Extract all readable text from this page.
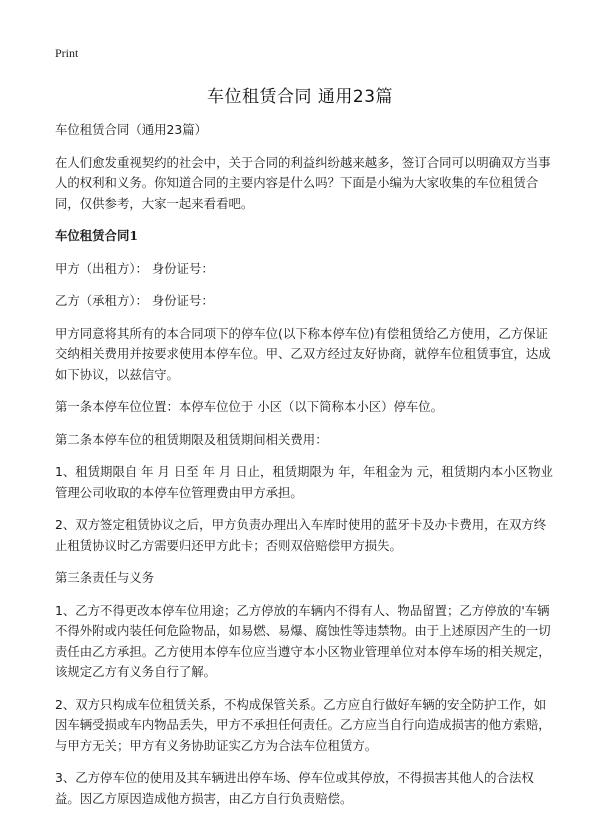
Print
车位租赁合同 通用23篇

车位租赁合同（通用23篇）

在人们愈发重视契约的社会中，关于合同的利益纠纷越来越多，签订合同可以明确双方当事人的权利和义务。你知道合同的主要内容是什么吗？下面是小编为大家收集的车位租赁合同，仅供参考，大家一起来看看吧。

车位租赁合同1

甲方（出租方）： 身份证号：

乙方（承租方）： 身份证号：

甲方同意将其所有的本合同项下的停车位(以下称本停车位)有偿租赁给乙方使用，乙方保证交纳相关费用并按要求使用本停车位。甲、乙双方经过友好协商，就停车位租赁事宜，达成如下协议，以兹信守。

第一条本停车位位置：本停车位位于 小区（以下简称本小区）停车位。

第二条本停车位的租赁期限及租赁期间相关费用：

1、租赁期限自 年 月 日至 年 月 日止，租赁期限为 年，年租金为 元，租赁期内本小区物业管理公司收取的本停车位管理费由甲方承担。

2、双方签定租赁协议之后，甲方负责办理出入车库时使用的蓝牙卡及办卡费用，在双方终止租赁协议时乙方需要归还甲方此卡；否则双倍赔偿甲方损失。

第三条责任与义务

1、乙方不得更改本停车位用途；乙方停放的车辆内不得有人、物品留置；乙方停放的'车辆不得外附或内装任何危险物品，如易燃、易爆、腐蚀性等违禁物。由于上述原因产生的一切责任由乙方承担。乙方使用本停车位应当遵守本小区物业管理单位对本停车场的相关规定，该规定乙方有义务自行了解。

2、双方只构成车位租赁关系，不构成保管关系。乙方应自行做好车辆的安全防护工作，如因车辆受损或车内物品丢失，甲方不承担任何责任。乙方应当自行向造成损害的他方索赔，与甲方无关；甲方有义务协助证实乙方为合法车位租赁方。

3、乙方停车位的使用及其车辆进出停车场、停车位或其停放，不得损害其他人的合法权益。因乙方原因造成他方损害，由乙方自行负责赔偿。
